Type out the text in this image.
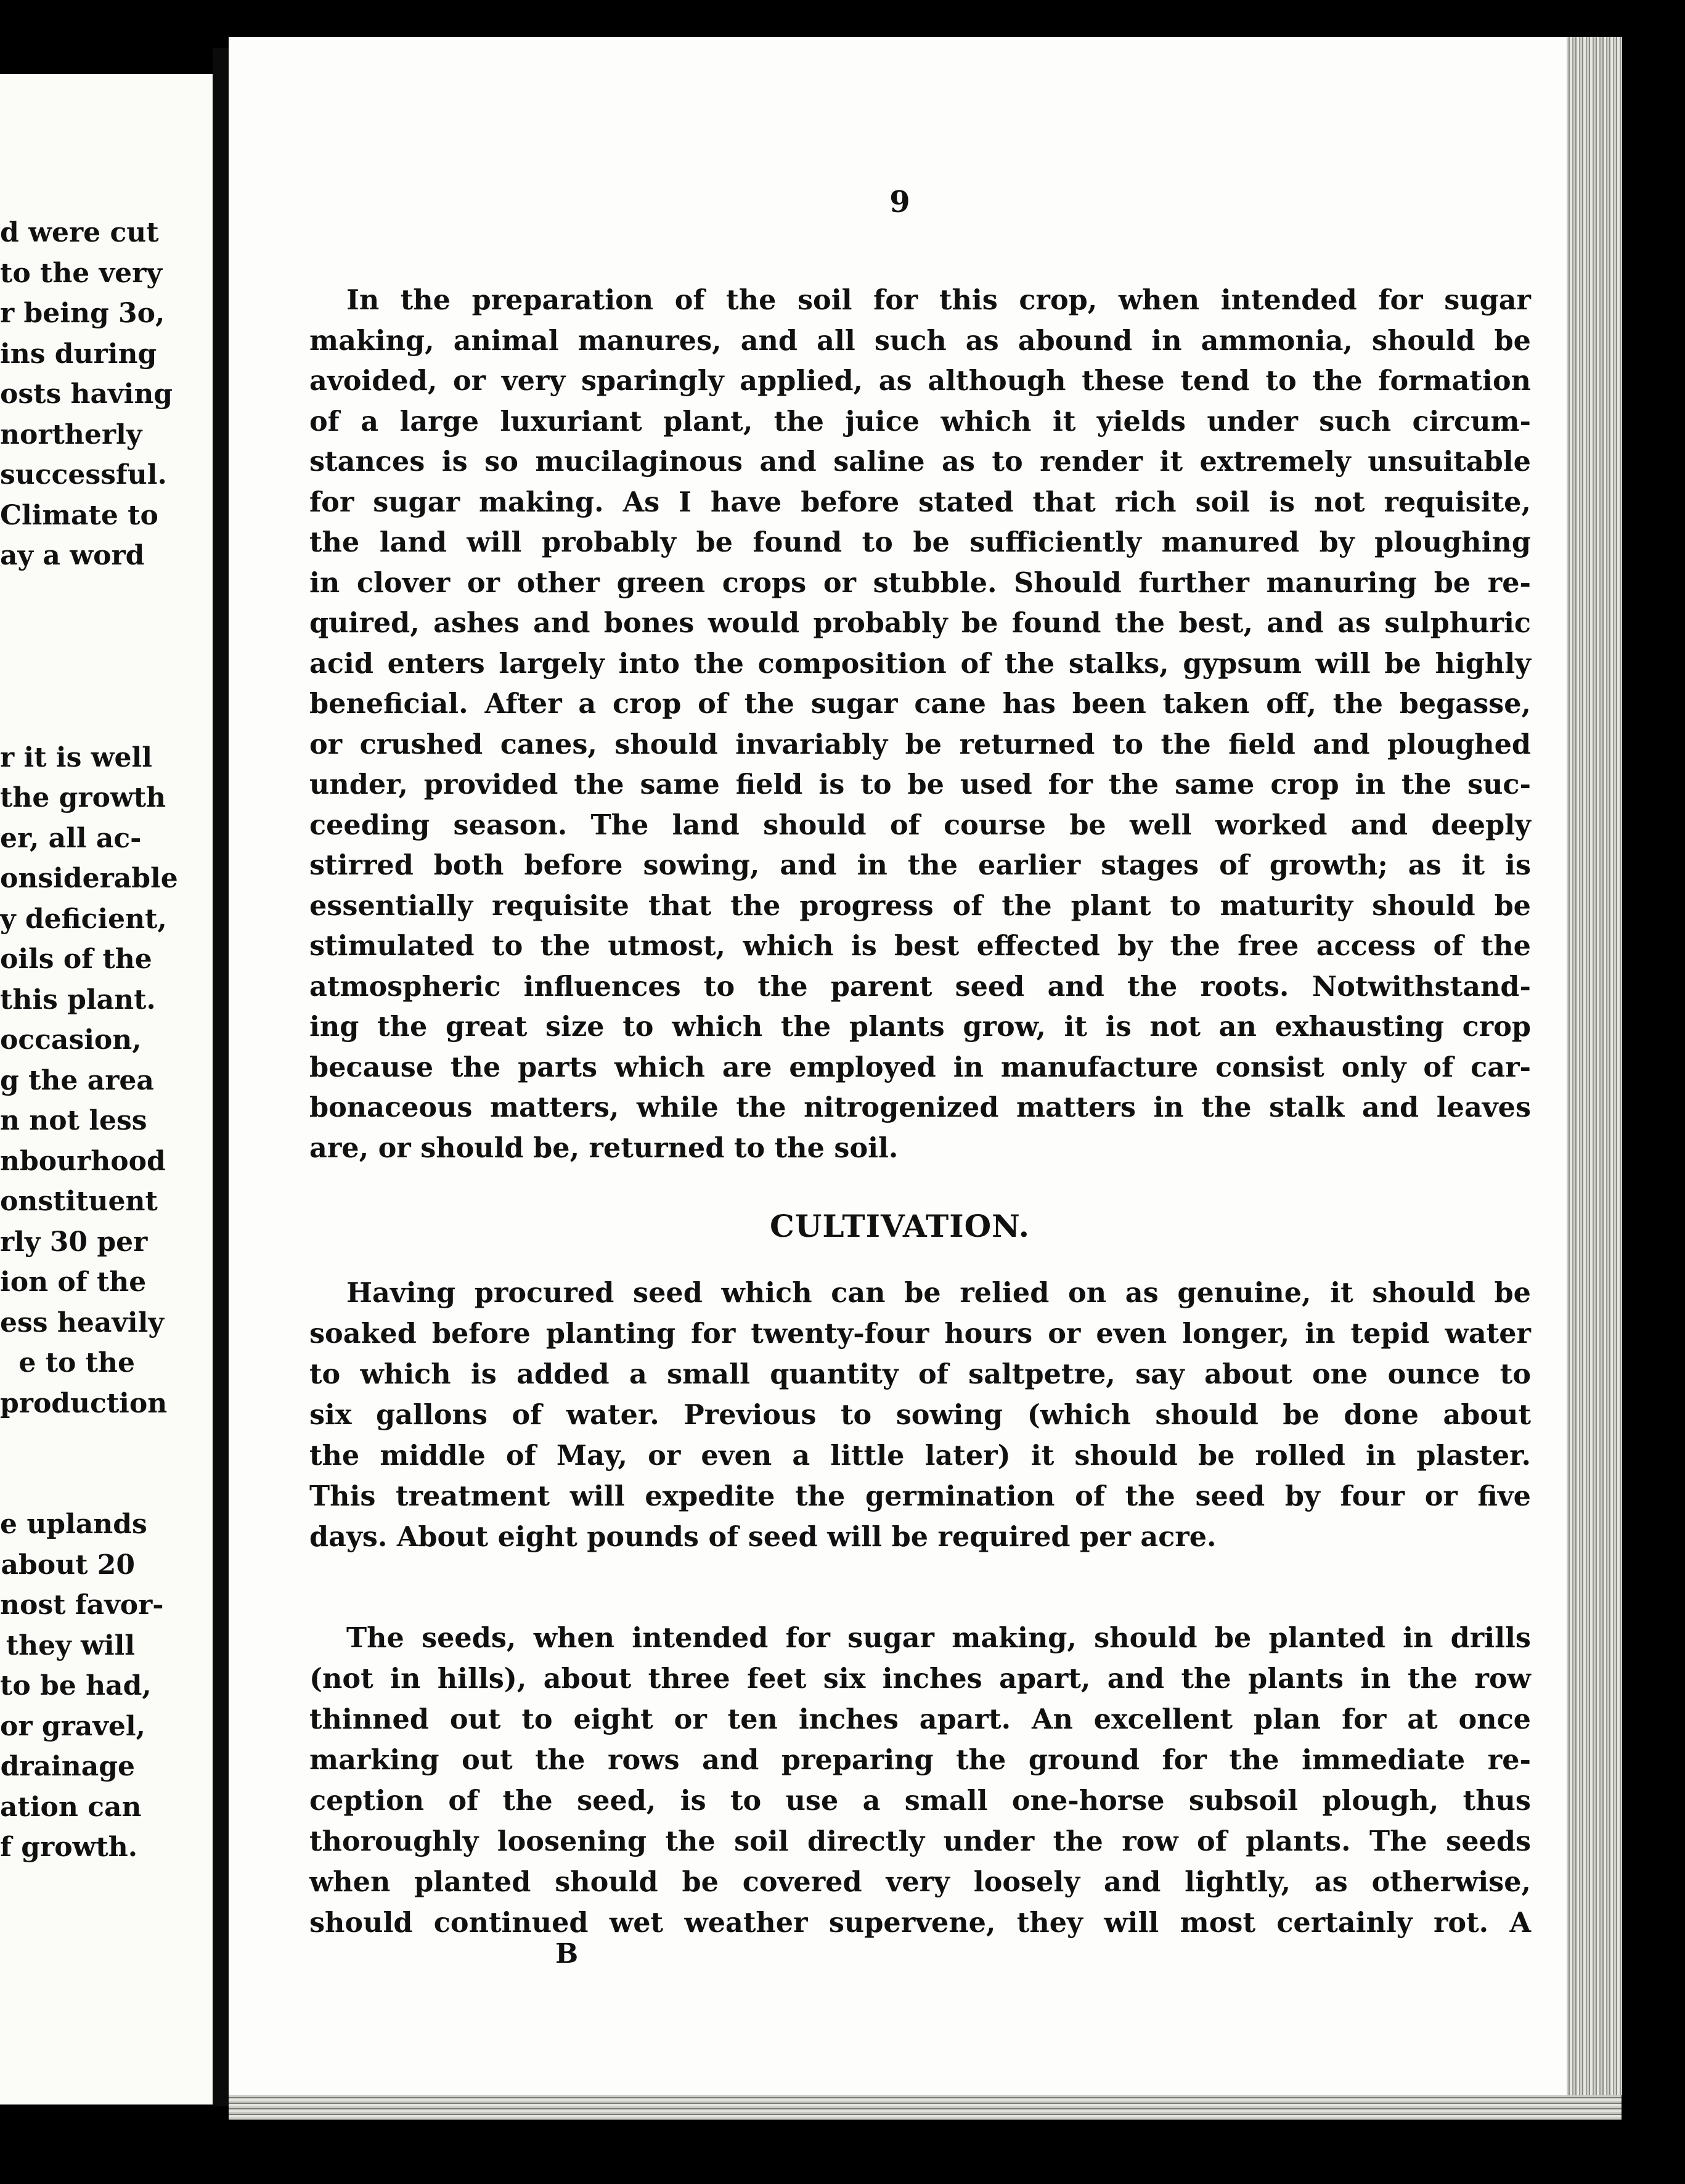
d were cut
to the very
r being 3o,
ins during
osts having
northerly
successful.
Climate to
ay a word
r it is well
the growth
er, all ac-
onsiderable
y deficient,
oils of the
this plant.
occasion,
g the area
n not less
nbourhood
onstituent
rly 30 per
ion of the
ess heavily
e to the
production
e uplands
about 20
nost favor-
they will
to be had,
or gravel,
drainage
ation can
f growth.
9
In the preparation of the soil for this crop, when intended for sugar
making, animal manures, and all such as abound in ammonia, should be
avoided, or very sparingly applied, as although these tend to the formation
of a large luxuriant plant, the juice which it yields under such circum-
stances is so mucilaginous and saline as to render it extremely unsuitable
for sugar making. As I have before stated that rich soil is not requisite,
the land will probably be found to be sufficiently manured by ploughing
in clover or other green crops or stubble. Should further manuring be re-
quired, ashes and bones would probably be found the best, and as sulphuric
acid enters largely into the composition of the stalks, gypsum will be highly
beneficial. After a crop of the sugar cane has been taken off, the begasse,
or crushed canes, should invariably be returned to the field and ploughed
under, provided the same field is to be used for the same crop in the suc-
ceeding season. The land should of course be well worked and deeply
stirred both before sowing, and in the earlier stages of growth; as it is
essentially requisite that the progress of the plant to maturity should be
stimulated to the utmost, which is best effected by the free access of the
atmospheric influences to the parent seed and the roots. Notwithstand-
ing the great size to which the plants grow, it is not an exhausting crop
because the parts which are employed in manufacture consist only of car-
bonaceous matters, while the nitrogenized matters in the stalk and leaves
are, or should be, returned to the soil.
CULTIVATION.
Having procured seed which can be relied on as genuine, it should be
soaked before planting for twenty-four hours or even longer, in tepid water
to which is added a small quantity of saltpetre, say about one ounce to
six gallons of water. Previous to sowing (which should be done about
the middle of May, or even a little later) it should be rolled in plaster.
This treatment will expedite the germination of the seed by four or five
days. About eight pounds of seed will be required per acre.
The seeds, when intended for sugar making, should be planted in drills
(not in hills), about three feet six inches apart, and the plants in the row
thinned out to eight or ten inches apart. An excellent plan for at once
marking out the rows and preparing the ground for the immediate re-
ception of the seed, is to use a small one-horse subsoil plough, thus
thoroughly loosening the soil directly under the row of plants. The seeds
when planted should be covered very loosely and lightly, as otherwise,
should continued wet weather supervene, they will most certainly rot. A
B
